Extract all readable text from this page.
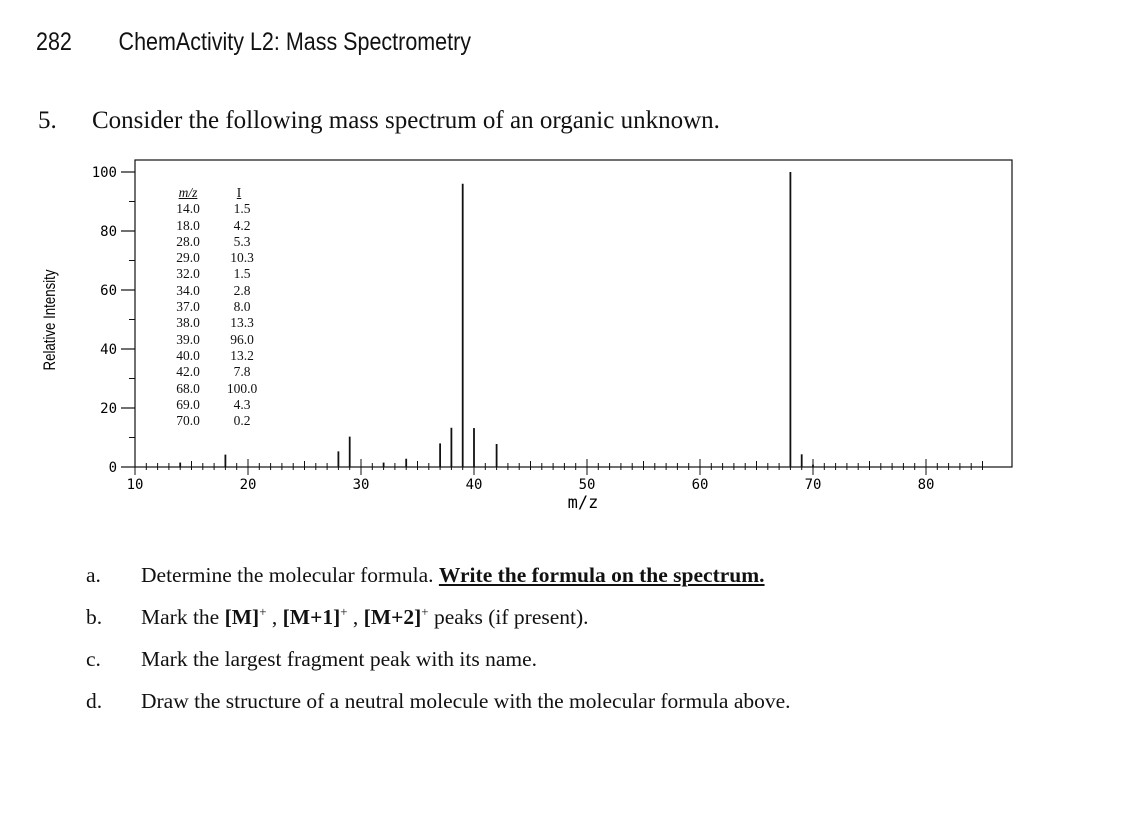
282 ChemActivity L2: Mass Spectrometry
5. Consider the following mass spectrum of an organic unknown.
0
20
40
60
80
100
10	20	30	40	50	60	70	80
Relative Intensity
m/z
m/z	I
14.0	1.5
18.0	4.2
28.0	5.3
29.0	10.3
32.0	1.5
34.0	2.8
37.0	8.0
38.0	13.3
39.0	96.0
40.0	13.2
42.0	7.8
68.0	100.0
69.0	4.3
70.0	0.2
a.	Determine the molecular formula. Write the formula on the spectrum.
b.	Mark the [M]+ , [M+1]+ , [M+2]+ peaks (if present).
c.	Mark the largest fragment peak with its name.
d.	Draw the structure of a neutral molecule with the molecular formula above.
